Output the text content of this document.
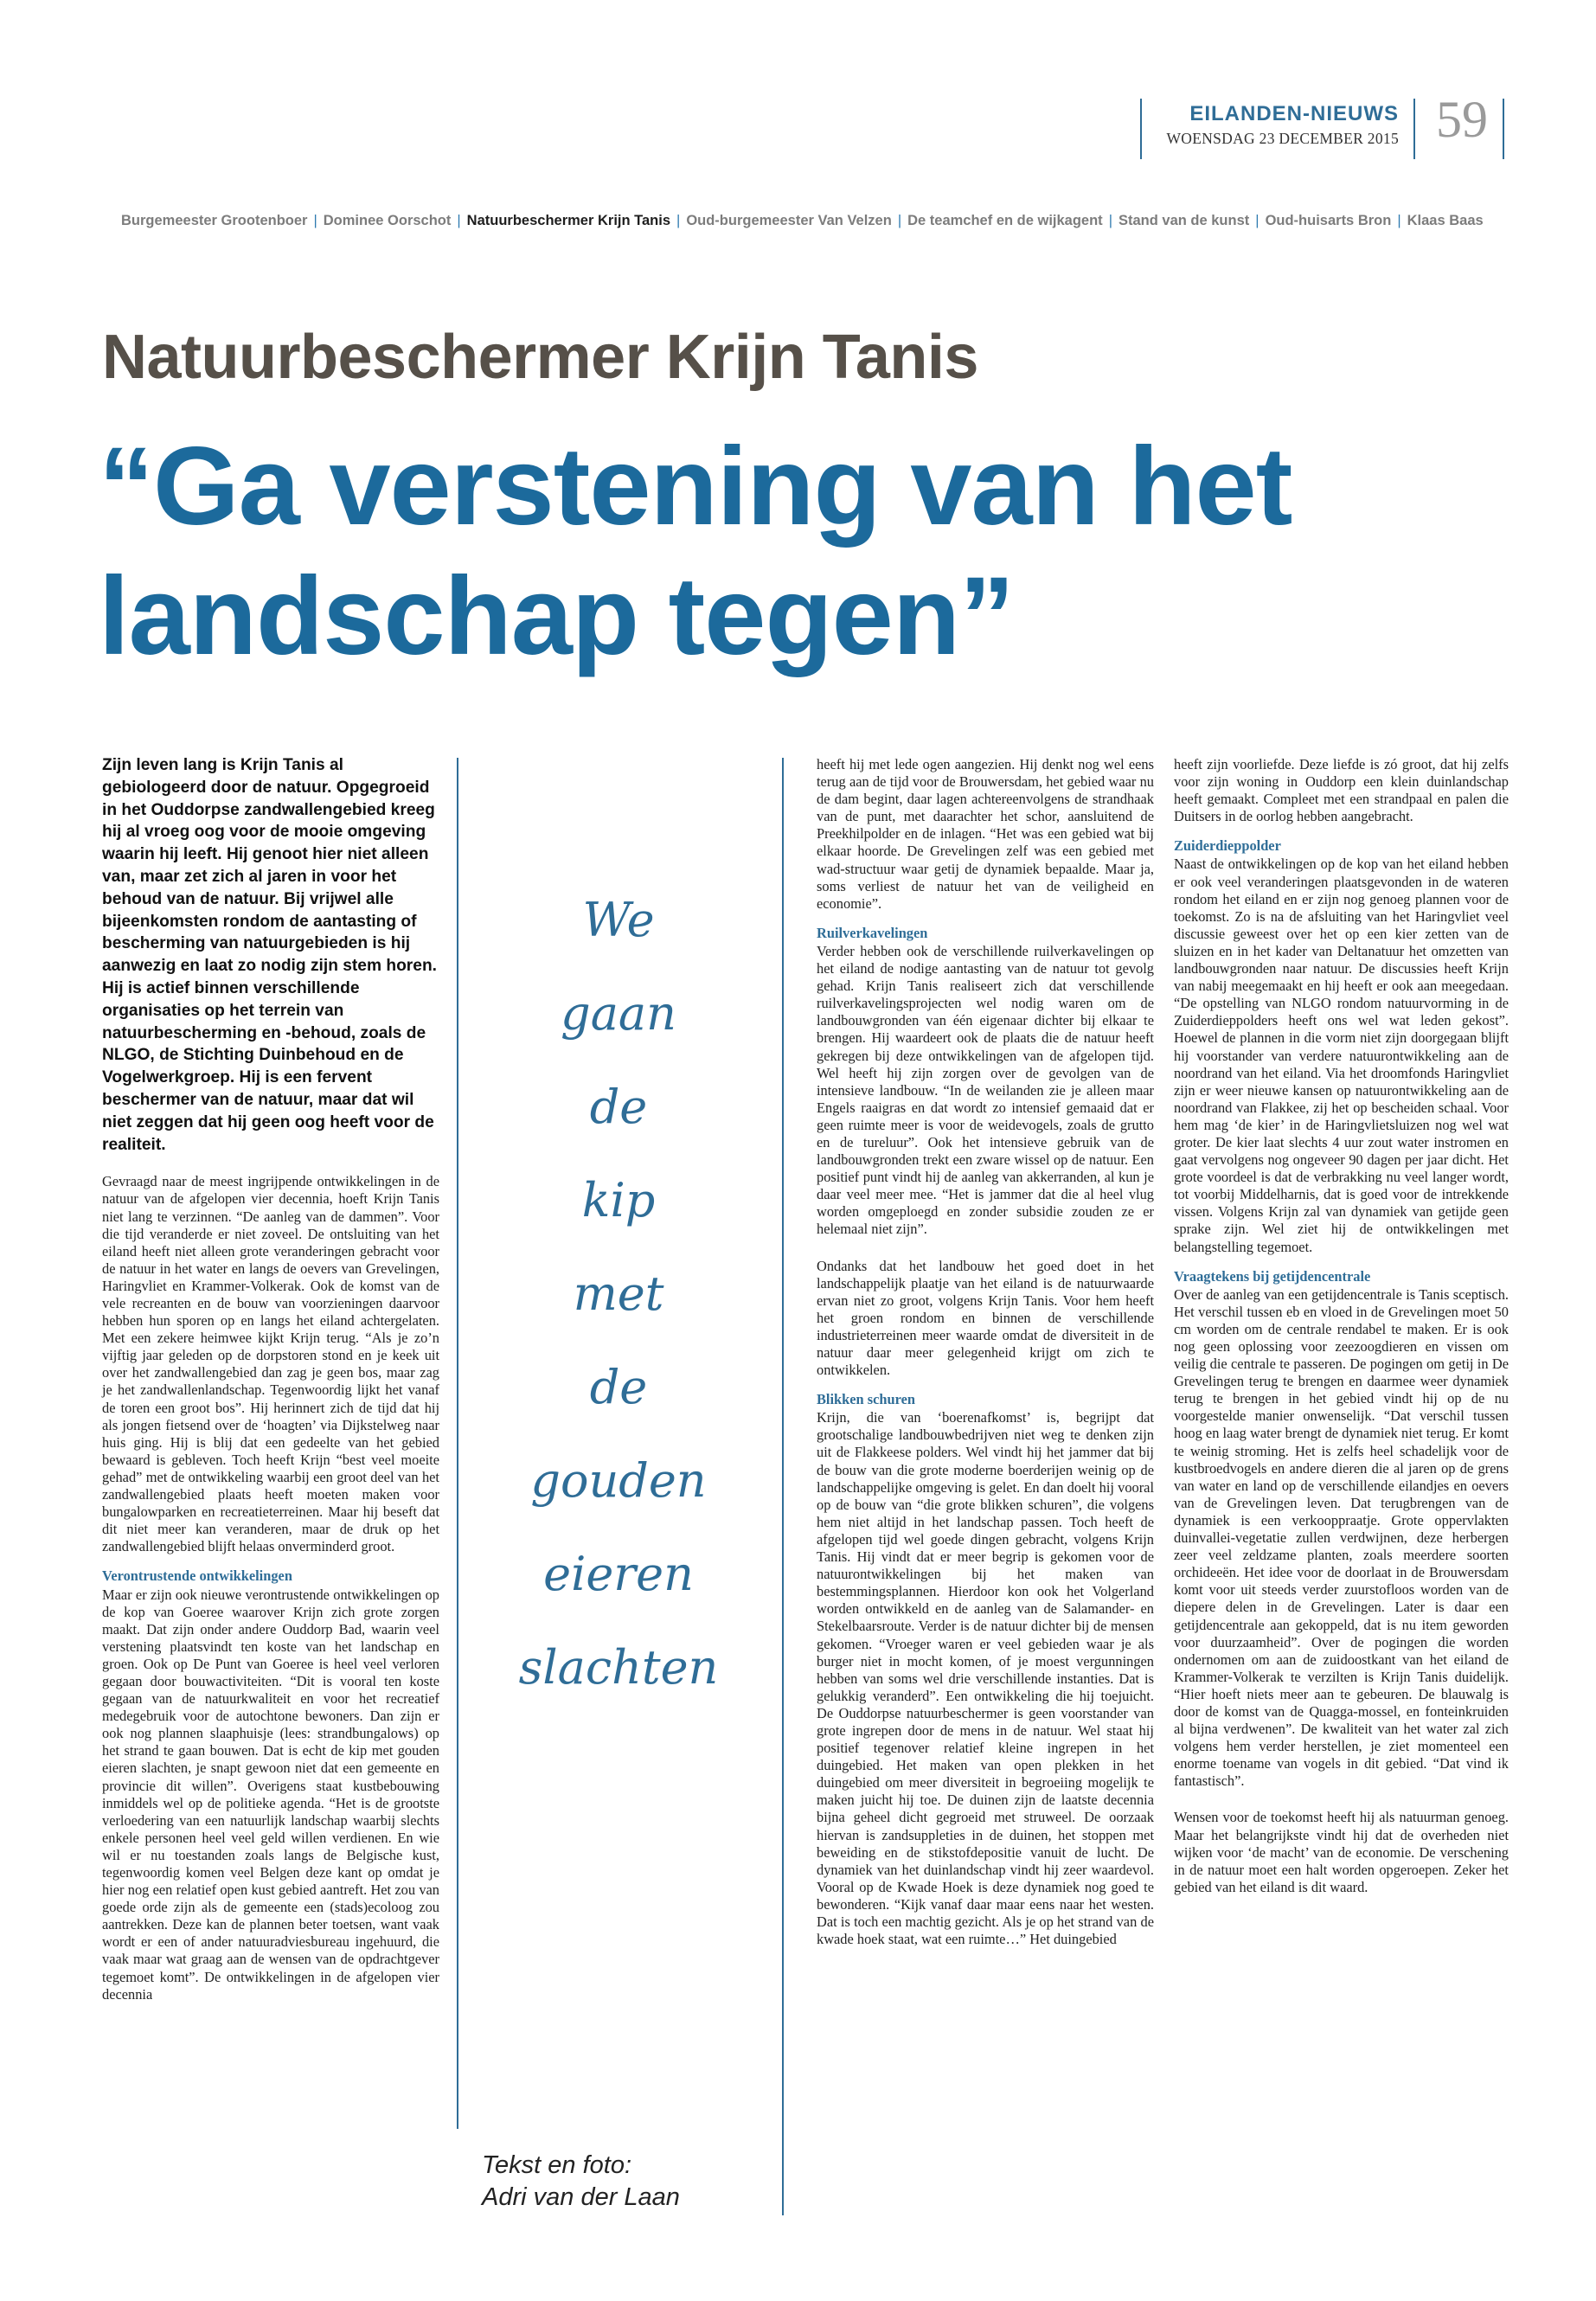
EILANDEN-NIEUWS
WOENSDAG 23 DECEMBER 2015 59
Burgemeester Grootenboer | Dominee Oorschot | Natuurbeschermer Krijn Tanis | Oud-burgemeester Van Velzen | De teamchef en de wijkagent | Stand van de kunst | Oud-huisarts Bron | Klaas Baas
Natuurbeschermer Krijn Tanis
“Ga verstening van het landschap tegen”

Zijn leven lang is Krijn Tanis al gebiologeerd door de natuur. Opgegroeid in het Ouddorpse zandwallengebied kreeg hij al vroeg oog voor de mooie omgeving waarin hij leeft. Hij genoot hier niet alleen van, maar zet zich al jaren in voor het behoud van de natuur. Bij vrijwel alle bijeenkomsten rondom de aantasting of bescherming van natuurgebieden is hij aanwezig en laat zo nodig zijn stem horen. Hij is actief binnen verschillende organisaties op het terrein van natuurbescherming en -behoud, zoals de NLGO, de Stichting Duinbehoud en de Vogelwerkgroep. Hij is een fervent beschermer van de natuur, maar dat wil niet zeggen dat hij geen oog heeft voor de realiteit.

Gevraagd naar de meest ingrijpende ontwikkelingen in de natuur van de afgelopen vier decennia, hoeft Krijn Tanis niet lang te verzinnen. “De aanleg van de dammen”. Voor die tijd veranderde er niet zoveel. De ontsluiting van het eiland heeft niet alleen grote veranderingen gebracht voor de natuur in het water en langs de oevers van Grevelingen, Haringvliet en Krammer-Volkerak. Ook de komst van de vele recreanten en de bouw van voorzieningen daarvoor hebben hun sporen op en langs het eiland achtergelaten. Met een zekere heimwee kijkt Krijn terug. “Als je zo’n vijftig jaar geleden op de dorpstoren stond en je keek uit over het zandwallengebied dan zag je geen bos, maar zag je het zandwallenlandschap. Tegenwoordig lijkt het vanaf de toren een groot bos”. Hij herinnert zich de tijd dat hij als jongen fietsend over de ‘hoagten’ via Dijkstelweg naar huis ging. Hij is blij dat een gedeelte van het gebied bewaard is gebleven. Toch heeft Krijn “best veel moeite gehad” met de ontwikkeling waarbij een groot deel van het zandwallengebied plaats heeft moeten maken voor bungalowparken en recreatieterreinen. Maar hij beseft dat dit niet meer kan veranderen, maar de druk op het zandwallengebied blijft helaas onverminderd groot.

Verontrustende ontwikkelingen

Maar er zijn ook nieuwe verontrustende ontwikkelingen op de kop van Goeree waarover Krijn zich grote zorgen maakt. Dat zijn onder andere Ouddorp Bad, waarin veel verstening plaatsvindt ten koste van het landschap en groen. Ook op De Punt van Goeree is heel veel verloren gegaan door bouwactiviteiten. “Dit is vooral ten koste gegaan van de natuurkwaliteit en voor het recreatief medegebruik voor de autochtone bewoners. Dan zijn er ook nog plannen slaaphuisje (lees: strandbungalows) op het strand te gaan bouwen. Dat is echt de kip met gouden eieren slachten, je snapt gewoon niet dat een gemeente en provincie dit willen”. Overigens staat kustbebouwing inmiddels wel op de politieke agenda. “Het is de grootste verloedering van een natuurlijk landschap waarbij slechts enkele personen heel veel geld willen verdienen. En wie wil er nu toestanden zoals langs de Belgische kust, tegenwoordig komen veel Belgen deze kant op omdat je hier nog een relatief open kust gebied aantreft. Het zou van goede orde zijn als de gemeente een (stads)ecoloog zou aantrekken. Deze kan de plannen beter toetsen, want vaak wordt er een of ander natuuradviesbureau ingehuurd, die vaak maar wat graag aan de wensen van de opdrachtgever tegemoet komt”. De ontwikkelingen in de afgelopen vier decennia

We
gaan
de
kip
met
de
gouden
eieren
slachten
Tekst en foto:
Adri van der Laan

heeft hij met lede ogen aangezien. Hij denkt nog wel eens terug aan de tijd voor de Brouwersdam, het gebied waar nu de dam begint, daar lagen achtereenvolgens de strandhaak van de punt, met daarachter het schor, aansluitend de Preekhilpolder en de inlagen. “Het was een gebied wat bij elkaar hoorde. De Grevelingen zelf was een gebied met wad-structuur waar getij de dynamiek bepaalde. Maar ja, soms verliest de natuur het van de veiligheid en economie”.

Ruilverkavelingen

Verder hebben ook de verschillende ruilverkavelingen op het eiland de nodige aantasting van de natuur tot gevolg gehad. Krijn Tanis realiseert zich dat verschillende ruilverkavelingsprojecten wel nodig waren om de landbouwgronden van één eigenaar dichter bij elkaar te brengen. Hij waardeert ook de plaats die de natuur heeft gekregen bij deze ontwikkelingen van de afgelopen tijd. Wel heeft hij zijn zorgen over de gevolgen van de intensieve landbouw. “In de weilanden zie je alleen maar Engels raaigras en dat wordt zo intensief gemaaid dat er geen ruimte meer is voor de weidevogels, zoals de grutto en de tureluur”. Ook het intensieve gebruik van de landbouwgronden trekt een zware wissel op de natuur. Een positief punt vindt hij de aanleg van akkerranden, al kun je daar veel meer mee. “Het is jammer dat die al heel vlug worden omgeploegd en zonder subsidie zouden ze er helemaal niet zijn”.

Ondanks dat het landbouw het goed doet in het landschappelijk plaatje van het eiland is de natuurwaarde ervan niet zo groot, volgens Krijn Tanis. Voor hem heeft het groen rondom en binnen de verschillende industrieterreinen meer waarde omdat de diversiteit in de natuur daar meer gelegenheid krijgt om zich te ontwikkelen.

Blikken schuren

Krijn, die van ‘boerenafkomst’ is, begrijpt dat grootschalige landbouwbedrijven niet weg te denken zijn uit de Flakkeese polders. Wel vindt hij het jammer dat bij de bouw van die grote moderne boerderijen weinig op de landschappelijke omgeving is gelet. En dan doelt hij vooral op de bouw van “die grote blikken schuren”, die volgens hem niet altijd in het landschap passen. Toch heeft de afgelopen tijd wel goede dingen gebracht, volgens Krijn Tanis. Hij vindt dat er meer begrip is gekomen voor de natuurontwikkelingen bij het maken van bestemmingsplannen. Hierdoor kon ook het Volgerland worden ontwikkeld en de aanleg van de Salamander- en Stekelbaarsroute. Verder is de natuur dichter bij de mensen gekomen. “Vroeger waren er veel gebieden waar je als burger niet in mocht komen, of je moest vergunningen hebben van soms wel drie verschillende instanties. Dat is gelukkig veranderd”. Een ontwikkeling die hij toejuicht. De Ouddorpse natuurbeschermer is geen voorstander van grote ingrepen door de mens in de natuur. Wel staat hij positief tegenover relatief kleine ingrepen in het duingebied. Het maken van open plekken in het duingebied om meer diversiteit in begroeiing mogelijk te maken juicht hij toe. De duinen zijn de laatste decennia bijna geheel dicht gegroeid met struweel. De oorzaak hiervan is zandsuppleties in de duinen, het stoppen met beweiding en de stikstofdepositie vanuit de lucht. De dynamiek van het duinlandschap vindt hij zeer waardevol. Vooral op de Kwade Hoek is deze dynamiek nog goed te bewonderen. “Kijk vanaf daar maar eens naar het westen. Dat is toch een machtig gezicht. Als je op het strand van de kwade hoek staat, wat een ruimte…” Het duingebied

heeft zijn voorliefde. Deze liefde is zó groot, dat hij zelfs voor zijn woning in Ouddorp een klein duinlandschap heeft gemaakt. Compleet met een strandpaal en palen die Duitsers in de oorlog hebben aangebracht.

Zuiderdieppolder

Naast de ontwikkelingen op de kop van het eiland hebben er ook veel veranderingen plaatsgevonden in de wateren rondom het eiland en er zijn nog genoeg plannen voor de toekomst. Zo is na de afsluiting van het Haringvliet veel discussie geweest over het op een kier zetten van de sluizen en in het kader van Deltanatuur het omzetten van landbouwgronden naar natuur. De discussies heeft Krijn van nabij meegemaakt en hij heeft er ook aan meegedaan. “De opstelling van NLGO rondom natuurvorming in de Zuiderdieppolders heeft ons wel wat leden gekost”. Hoewel de plannen in die vorm niet zijn doorgegaan blijft hij voorstander van verdere natuurontwikkeling aan de noordrand van het eiland. Via het droomfonds Haringvliet zijn er weer nieuwe kansen op natuurontwikkeling aan de noordrand van Flakkee, zij het op bescheiden schaal. Voor hem mag ‘de kier’ in de Haringvlietsluizen nog wel wat groter. De kier laat slechts 4 uur zout water instromen en gaat vervolgens nog ongeveer 90 dagen per jaar dicht. Het grote voordeel is dat de verbrakking nu veel langer wordt, tot voorbij Middelharnis, dat is goed voor de intrekkende vissen. Volgens Krijn zal van dynamiek van getijde geen sprake zijn. Wel ziet hij de ontwikkelingen met belangstelling tegemoet.

Vraagtekens bij getijdencentrale

Over de aanleg van een getijdencentrale is Tanis sceptisch. Het verschil tussen eb en vloed in de Grevelingen moet 50 cm worden om de centrale rendabel te maken. Er is ook nog geen oplossing voor zeezoogdieren en vissen om veilig die centrale te passeren. De pogingen om getij in De Grevelingen terug te brengen en daarmee weer dynamiek terug te brengen in het gebied vindt hij op de nu voorgestelde manier onwenselijk. “Dat verschil tussen hoog en laag water brengt de dynamiek niet terug. Er komt te weinig stroming. Het is zelfs heel schadelijk voor de kustbroedvogels en andere dieren die al jaren op de grens van water en land op de verschillende eilandjes en oevers van de Grevelingen leven. Dat terugbrengen van de dynamiek is een verkooppraatje. Grote oppervlakten duinvallei-vegetatie zullen verdwijnen, deze herbergen zeer veel zeldzame planten, zoals meerdere soorten orchideeën. Het idee voor de doorlaat in de Brouwersdam komt voor uit steeds verder zuurstofloos worden van de diepere delen in de Grevelingen. Later is daar een getijdencentrale aan gekoppeld, dat is nu item geworden voor duurzaamheid”. Over de pogingen die worden ondernomen om aan de zuidoostkant van het eiland de Krammer-Volkerak te verzilten is Krijn Tanis duidelijk. “Hier hoeft niets meer aan te gebeuren. De blauwalg is door de komst van de Quagga-mossel, en fonteinkruiden al bijna verdwenen”. De kwaliteit van het water zal zich volgens hem verder herstellen, je ziet momenteel een enorme toename van vogels in dit gebied. “Dat vind ik fantastisch”.

Wensen voor de toekomst heeft hij als natuurman genoeg. Maar het belangrijkste vindt hij dat de overheden niet wijken voor ‘de macht’ van de economie. De verschening in de natuur moet een halt worden opgeroepen. Zeker het gebied van het eiland is dit waard.
